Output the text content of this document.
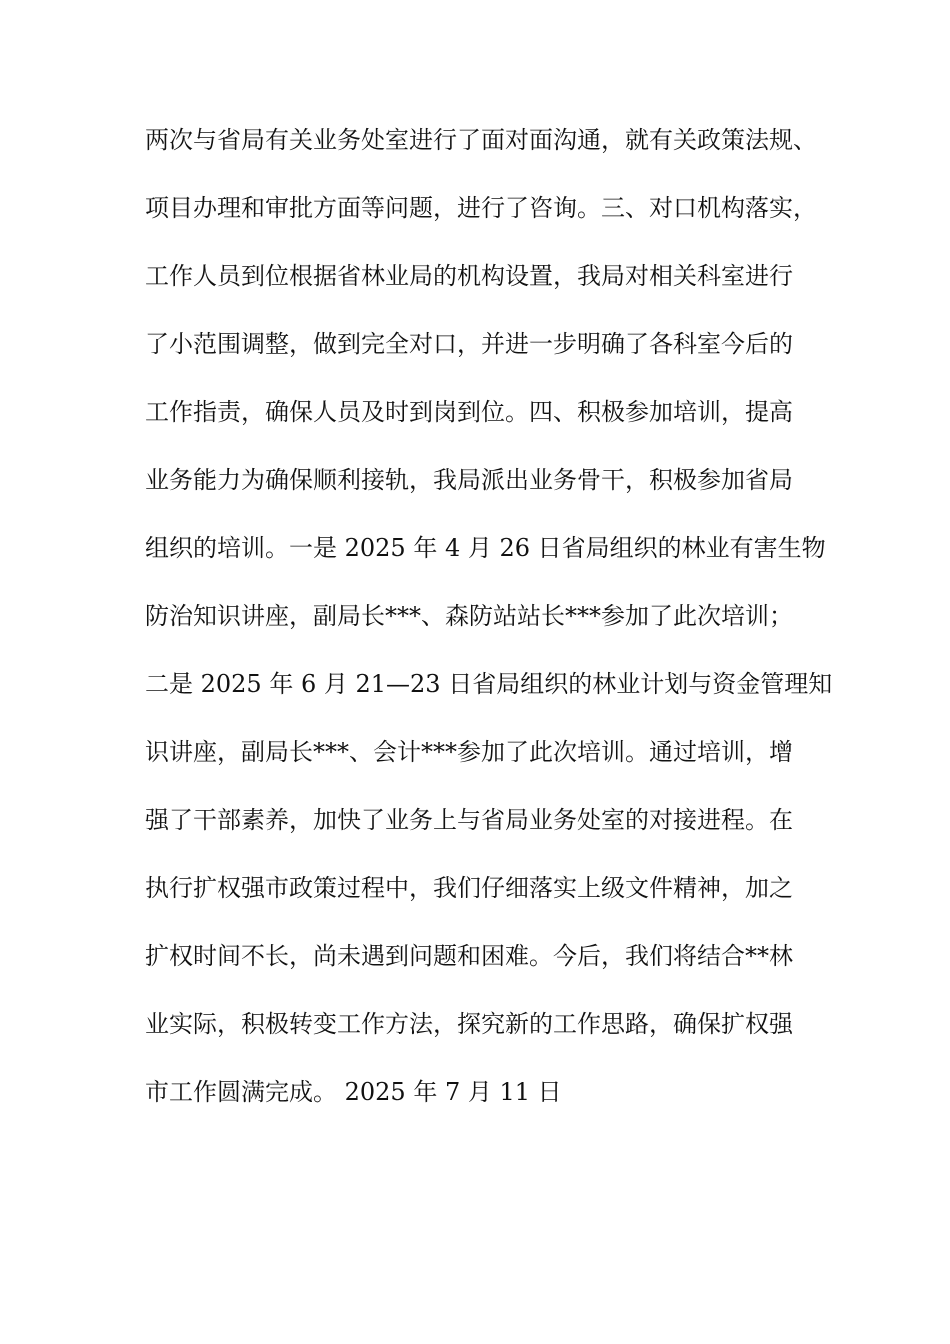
两次与省局有关业务处室进行了面对面沟通，就有关政策法规、
项目办理和审批方面等问题，进行了咨询。三、对口机构落实，
工作人员到位根据省林业局的机构设置，我局对相关科室进行
了小范围调整，做到完全对口，并进一步明确了各科室今后的
工作指责，确保人员及时到岗到位。四、积极参加培训，提高
业务能力为确保顺利接轨，我局派出业务骨干，积极参加省局
组织的培训。一是 2025 年 4 月 26 日省局组织的林业有害生物
防治知识讲座，副局长***、森防站站长***参加了此次培训；
二是 2025 年 6 月 21—23 日省局组织的林业计划与资金管理知
识讲座，副局长***、会计***参加了此次培训。通过培训，增
强了干部素养，加快了业务上与省局业务处室的对接进程。在
执行扩权强市政策过程中，我们仔细落实上级文件精神，加之
扩权时间不长，尚未遇到问题和困难。今后，我们将结合**林
业实际，积极转变工作方法，探究新的工作思路，确保扩权强
市工作圆满完成。 2025 年 7 月 11 日
